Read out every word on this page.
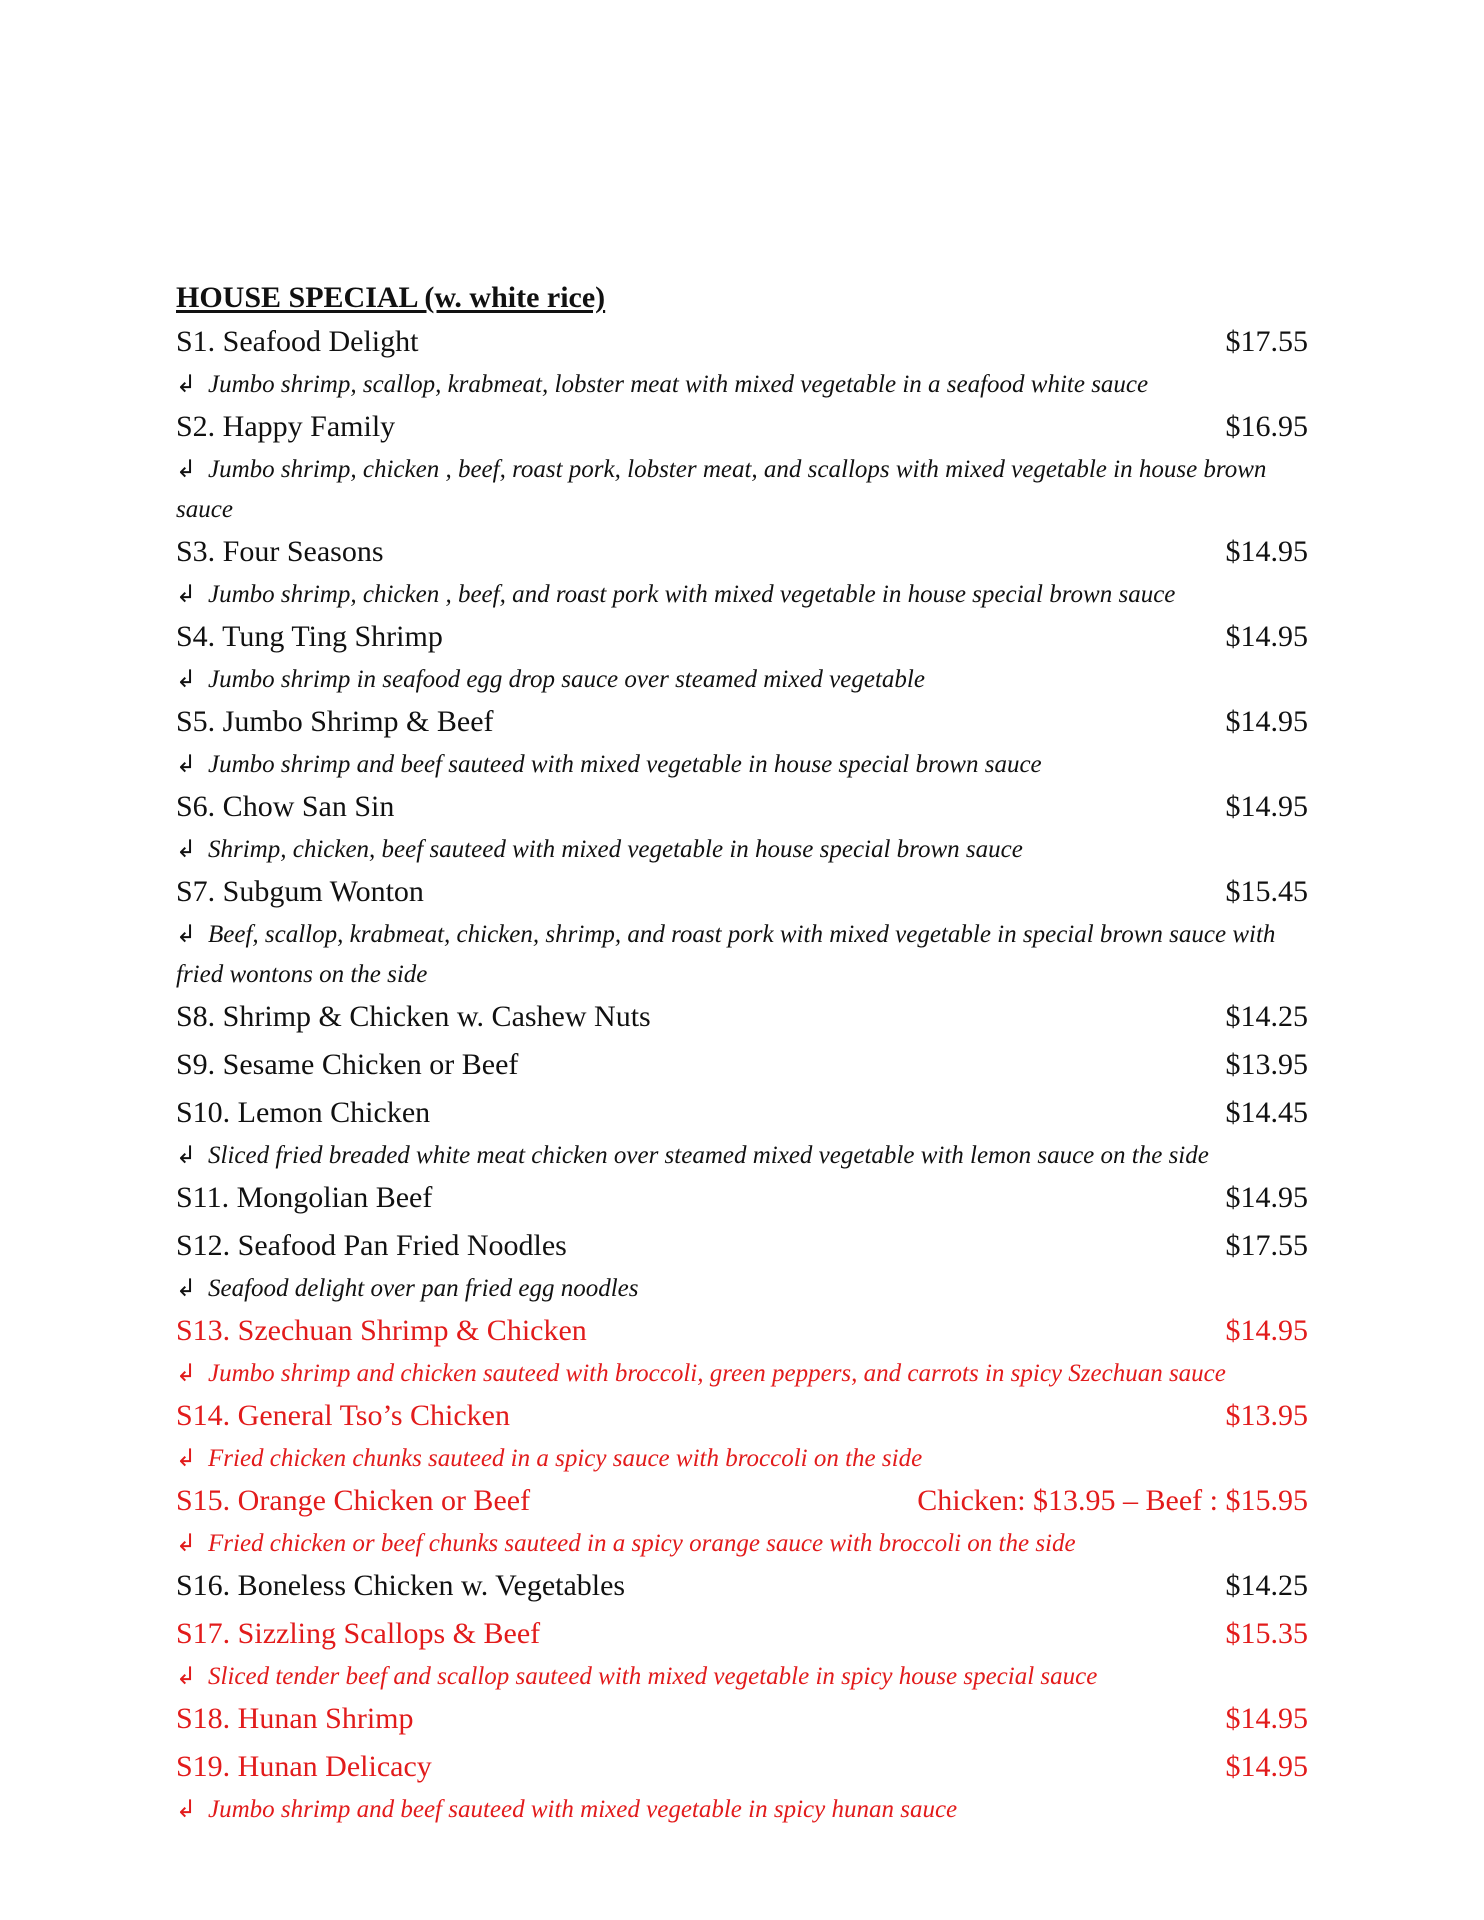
HOUSE SPECIAL (w. white rice)
S1. Seafood Delight	$17.55
↲ Jumbo shrimp, scallop, krabmeat, lobster meat with mixed vegetable in a seafood white sauce
S2. Happy Family	$16.95
↲ Jumbo shrimp, chicken , beef, roast pork, lobster meat, and scallops with mixed vegetable in house brown sauce
S3. Four Seasons	$14.95
↲ Jumbo shrimp, chicken , beef, and roast pork with mixed vegetable in house special brown sauce
S4. Tung Ting Shrimp	$14.95
↲ Jumbo shrimp in seafood egg drop sauce over steamed mixed vegetable
S5. Jumbo Shrimp & Beef	$14.95
↲ Jumbo shrimp and beef sauteed with mixed vegetable in house special brown sauce
S6. Chow San Sin	$14.95
↲ Shrimp, chicken, beef sauteed with mixed vegetable in house special brown sauce
S7. Subgum Wonton	$15.45
↲ Beef, scallop, krabmeat, chicken, shrimp, and roast pork with mixed vegetable in special brown sauce with fried wontons on the side
S8. Shrimp & Chicken w. Cashew Nuts	$14.25
S9. Sesame Chicken or Beef	$13.95
S10. Lemon Chicken	$14.45
↲ Sliced fried breaded white meat chicken over steamed mixed vegetable with lemon sauce on the side
S11. Mongolian Beef	$14.95
S12. Seafood Pan Fried Noodles	$17.55
↲ Seafood delight over pan fried egg noodles
S13. Szechuan Shrimp & Chicken	$14.95
↲ Jumbo shrimp and chicken sauteed with broccoli, green peppers, and carrots in spicy Szechuan sauce
S14. General Tso’s Chicken	$13.95
↲ Fried chicken chunks sauteed in a spicy sauce with broccoli on the side
S15. Orange Chicken or Beef	Chicken: $13.95 – Beef : $15.95
↲ Fried chicken or beef chunks sauteed in a spicy orange sauce with broccoli on the side
S16. Boneless Chicken w. Vegetables	$14.25
S17. Sizzling Scallops & Beef	$15.35
↲ Sliced tender beef and scallop sauteed with mixed vegetable in spicy house special sauce
S18. Hunan Shrimp	$14.95
S19. Hunan Delicacy	$14.95
↲ Jumbo shrimp and beef sauteed with mixed vegetable in spicy hunan sauce
